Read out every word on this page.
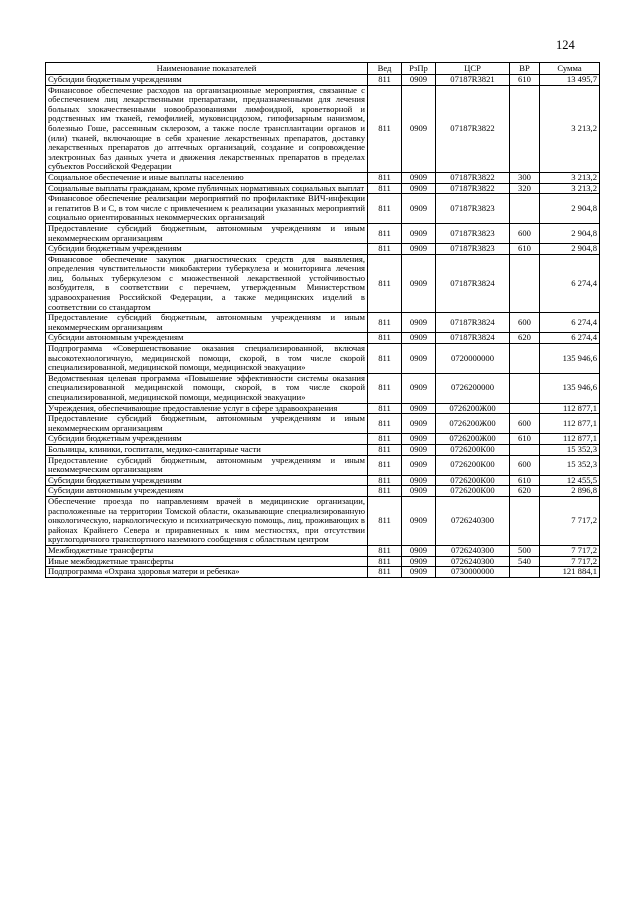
124
Наименование показателей	Вед	РзПр	ЦСР	ВР	Сумма
Субсидии бюджетным учреждениям	811	0909	07187R3821	610	13 495,7
Финансовое обеспечение расходов на организационные мероприятия, связанные с обеспечением лиц лекарственными препаратами, предназначенными для лечения больных злокачественными новообразованиями лимфоидной, кроветворной и родственных им тканей, гемофилией, муковисцидозом, гипофизарным нанизмом, болезнью Гоше, рассеянным склерозом, а также после трансплантации органов и (или) тканей, включающие в себя хранение лекарственных препаратов, доставку лекарственных препаратов до аптечных организаций, создание и сопровождение электронных баз данных учета и движения лекарственных препаратов в пределах субъектов Российской Федерации	811	0909	07187R3822		3 213,2
Социальное обеспечение и иные выплаты населению	811	0909	07187R3822	300	3 213,2
Социальные выплаты гражданам, кроме публичных нормативных социальных выплат	811	0909	07187R3822	320	3 213,2
Финансовое обеспечение реализации мероприятий по профилактике ВИЧ-инфекции и гепатитов В и С, в том числе с привлечением к реализации указанных мероприятий социально ориентированных некоммерческих организаций	811	0909	07187R3823		2 904,8
Предоставление субсидий бюджетным, автономным учреждениям и иным некоммерческим организациям	811	0909	07187R3823	600	2 904,8
Субсидии бюджетным учреждениям	811	0909	07187R3823	610	2 904,8
Финансовое обеспечение закупок диагностических средств для выявления, определения чувствительности микобактерии туберкулеза и мониторинга лечения лиц, больных туберкулезом с множественной лекарственной устойчивостью возбудителя, в соответствии с перечнем, утвержденным Министерством здравоохранения Российской Федерации, а также медицинских изделий в соответствии со стандартом	811	0909	07187R3824		6 274,4
Предоставление субсидий бюджетным, автономным учреждениям и иным некоммерческим организациям	811	0909	07187R3824	600	6 274,4
Субсидии автономным учреждениям	811	0909	07187R3824	620	6 274,4
Подпрограмма «Совершенствование оказания специализированной, включая высокотехнологичную, медицинской помощи, скорой, в том числе скорой специализированной, медицинской помощи, медицинской эвакуации»	811	0909	0720000000		135 946,6
Ведомственная целевая программа «Повышение эффективности системы оказания специализированной медицинской помощи, скорой, в том числе скорой специализированной, медицинской помощи, медицинской эвакуации»	811	0909	0726200000		135 946,6
Учреждения, обеспечивающие предоставление услуг в сфере здравоохранения	811	0909	0726200Ж00		112 877,1
Предоставление субсидий бюджетным, автономным учреждениям и иным некоммерческим организациям	811	0909	0726200Ж00	600	112 877,1
Субсидии бюджетным учреждениям	811	0909	0726200Ж00	610	112 877,1
Больницы, клиники, госпитали, медико-санитарные части	811	0909	0726200К00		15 352,3
Предоставление субсидий бюджетным, автономным учреждениям и иным некоммерческим организациям	811	0909	0726200К00	600	15 352,3
Субсидии бюджетным учреждениям	811	0909	0726200К00	610	12 455,5
Субсидии автономным учреждениям	811	0909	0726200К00	620	2 896,8
Обеспечение проезда по направлениям врачей в медицинские организации, расположенные на территории Томской области, оказывающие специализированную онкологическую, наркологическую и психиатрическую помощь, лиц, проживающих в районах Крайнего Севера и приравненных к ним местностях, при отсутствии круглогодичного транспортного наземного сообщения с областным центром	811	0909	0726240300		7 717,2
Межбюджетные трансферты	811	0909	0726240300	500	7 717,2
Иные межбюджетные трансферты	811	0909	0726240300	540	7 717,2
Подпрограмма «Охрана здоровья матери и ребенка»	811	0909	0730000000		121 884,1
